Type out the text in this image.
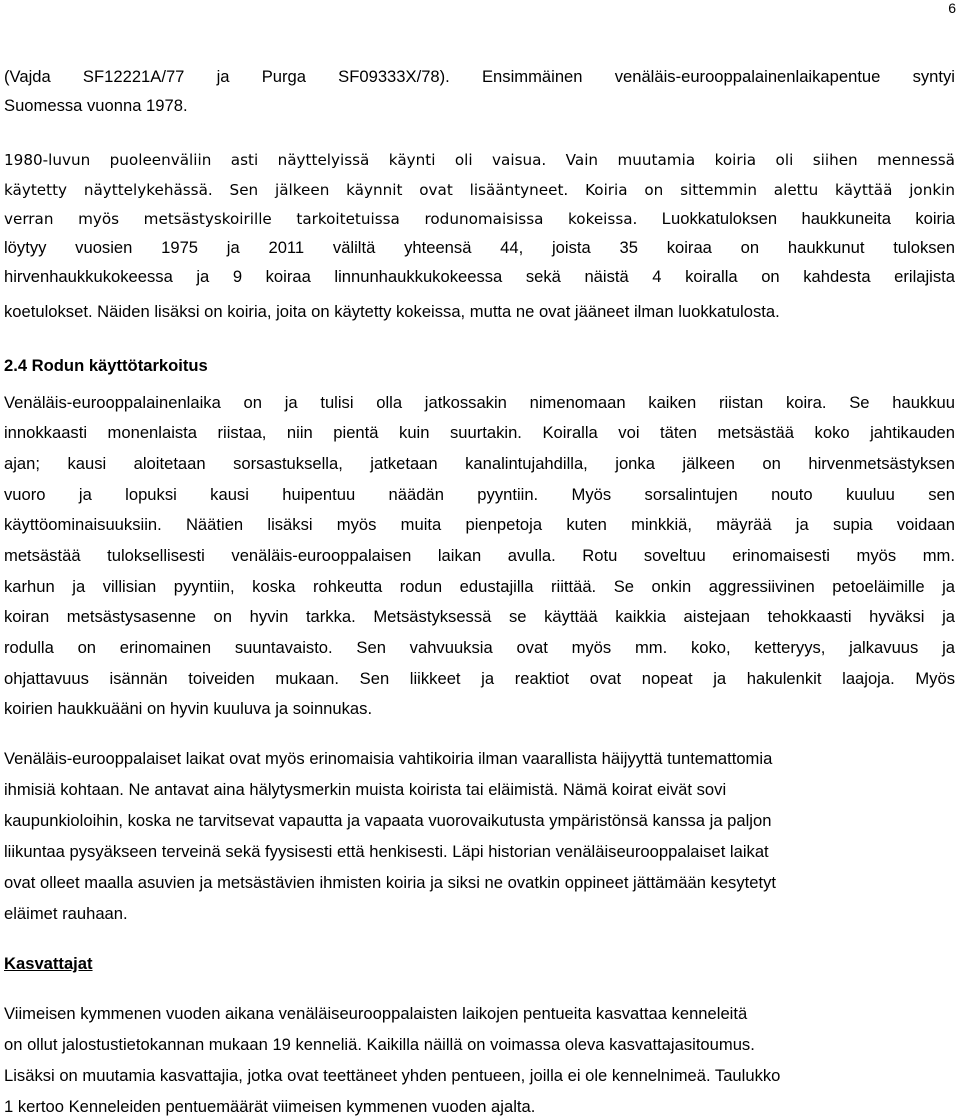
6

(Vajda SF12221A/77 ja Purga SF09333X/78). Ensimmäinen venäläis-eurooppalainenlaikapentue syntyi

Suomessa vuonna 1978.

1980-luvun puoleenväliin asti näyttelyissä käynti oli vaisua. Vain muutamia koiria oli siihen mennessä

käytetty näyttelykehässä. Sen jälkeen käynnit ovat lisääntyneet. Koiria on sittemmin alettu käyttää jonkin

verran myös metsästyskoirille tarkoitetuissa rodunomaisissa kokeissa. Luokkatuloksen haukkuneita koiria

löytyy vuosien 1975 ja 2011 väliltä yhteensä 44, joista 35 koiraa on haukkunut tuloksen

hirvenhaukkukokeessa ja 9 koiraa linnunhaukkukokeessa sekä näistä 4 koiralla on kahdesta erilajista

koetulokset. Näiden lisäksi on koiria, joita on käytetty kokeissa, mutta ne ovat jääneet ilman luokkatulosta.

2.4 Rodun käyttötarkoitus

Venäläis-eurooppalainenlaika on ja tulisi olla jatkossakin nimenomaan kaiken riistan koira. Se haukkuu

innokkaasti monenlaista riistaa, niin pientä kuin suurtakin. Koiralla voi täten metsästää koko jahtikauden

ajan; kausi aloitetaan sorsastuksella, jatketaan kanalintujahdilla, jonka jälkeen on hirvenmetsästyksen

vuoro ja lopuksi kausi huipentuu näädän pyyntiin. Myös sorsalintujen nouto kuuluu sen

käyttöominaisuuksiin. Näätien lisäksi myös muita pienpetoja kuten minkkiä, mäyrää ja supia voidaan

metsästää tuloksellisesti venäläis-eurooppalaisen laikan avulla. Rotu soveltuu erinomaisesti myös mm.

karhun ja villisian pyyntiin, koska rohkeutta rodun edustajilla riittää. Se onkin aggressiivinen petoeläimille ja

koiran metsästysasenne on hyvin tarkka. Metsästyksessä se käyttää kaikkia aistejaan tehokkaasti hyväksi ja

rodulla on erinomainen suuntavaisto. Sen vahvuuksia ovat myös mm. koko, ketteryys, jalkavuus ja

ohjattavuus isännän toiveiden mukaan. Sen liikkeet ja reaktiot ovat nopeat ja hakulenkit laajoja. Myös

koirien haukkuääni on hyvin kuuluva ja soinnukas.

Venäläis-eurooppalaiset laikat ovat myös erinomaisia vahtikoiria ilman vaarallista häijyyttä tuntemattomia

ihmisiä kohtaan. Ne antavat aina hälytysmerkin muista koirista tai eläimistä. Nämä koirat eivät sovi

kaupunkioloihin, koska ne tarvitsevat vapautta ja vapaata vuorovaikutusta ympäristönsä kanssa ja paljon

liikuntaa pysyäkseen terveinä sekä fyysisesti että henkisesti. Läpi historian venäläiseurooppalaiset laikat

ovat olleet maalla asuvien ja metsästävien ihmisten koiria ja siksi ne ovatkin oppineet jättämään kesytetyt

eläimet rauhaan.

Kasvattajat

Viimeisen kymmenen vuoden aikana venäläiseurooppalaisten laikojen pentueita kasvattaa kenneleitä

on ollut jalostustietokannan mukaan 19 kenneliä. Kaikilla näillä on voimassa oleva kasvattajasitoumus.

Lisäksi on muutamia kasvattajia, jotka ovat teettäneet yhden pentueen, joilla ei ole kennelnimeä. Taulukko

1 kertoo Kenneleiden pentuemäärät viimeisen kymmenen vuoden ajalta.
